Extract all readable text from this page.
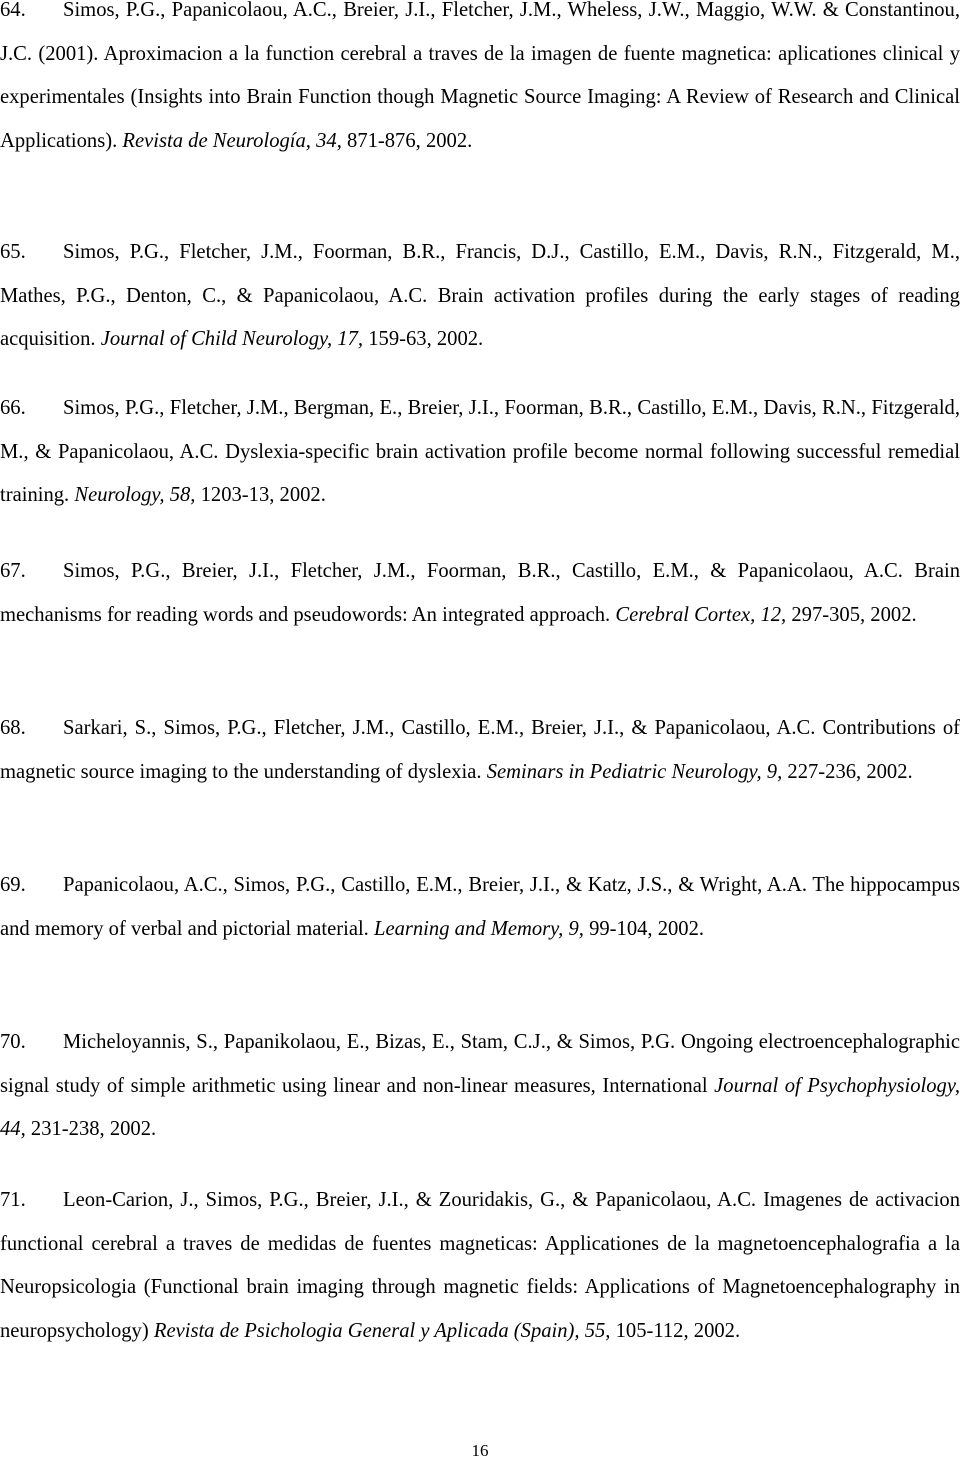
64. Simos, P.G., Papanicolaou, A.C., Breier, J.I., Fletcher, J.M., Wheless, J.W., Maggio, W.W. & Constantinou, J.C. (2001). Aproximacion a la function cerebral a traves de la imagen de fuente magnetica: aplicationes clinical y experimentales (Insights into Brain Function though Magnetic Source Imaging: A Review of Research and Clinical Applications). Revista de Neurología, 34, 871-876, 2002.

65. Simos, P.G., Fletcher, J.M., Foorman, B.R., Francis, D.J., Castillo, E.M., Davis, R.N., Fitzgerald, M., Mathes, P.G., Denton, C., & Papanicolaou, A.C. Brain activation profiles during the early stages of reading acquisition. Journal of Child Neurology, 17, 159-63, 2002.

66. Simos, P.G., Fletcher, J.M., Bergman, E., Breier, J.I., Foorman, B.R., Castillo, E.M., Davis, R.N., Fitzgerald, M., & Papanicolaou, A.C. Dyslexia-specific brain activation profile become normal following successful remedial training. Neurology, 58, 1203-13, 2002.

67. Simos, P.G., Breier, J.I., Fletcher, J.M., Foorman, B.R., Castillo, E.M., & Papanicolaou, A.C. Brain mechanisms for reading words and pseudowords: An integrated approach. Cerebral Cortex, 12, 297-305, 2002.

68. Sarkari, S., Simos, P.G., Fletcher, J.M., Castillo, E.M., Breier, J.I., & Papanicolaou, A.C. Contributions of magnetic source imaging to the understanding of dyslexia. Seminars in Pediatric Neurology, 9, 227-236, 2002.

69. Papanicolaou, A.C., Simos, P.G., Castillo, E.M., Breier, J.I., & Katz, J.S., & Wright, A.A. The hippocampus and memory of verbal and pictorial material. Learning and Memory, 9, 99-104, 2002.

70. Micheloyannis, S., Papanikolaou, E., Bizas, E., Stam, C.J., & Simos, P.G. Ongoing electroencephalographic signal study of simple arithmetic using linear and non-linear measures, International Journal of Psychophysiology, 44, 231-238, 2002.

71. Leon-Carion, J., Simos, P.G., Breier, J.I., & Zouridakis, G., & Papanicolaou, A.C. Imagenes de activacion functional cerebral a traves de medidas de fuentes magneticas: Applicationes de la magnetoencephalografia a la Neuropsicologia (Functional brain imaging through magnetic fields: Applications of Magnetoencephalography in neuropsychology) Revista de Psichologia General y Aplicada (Spain), 55, 105-112, 2002.

16
